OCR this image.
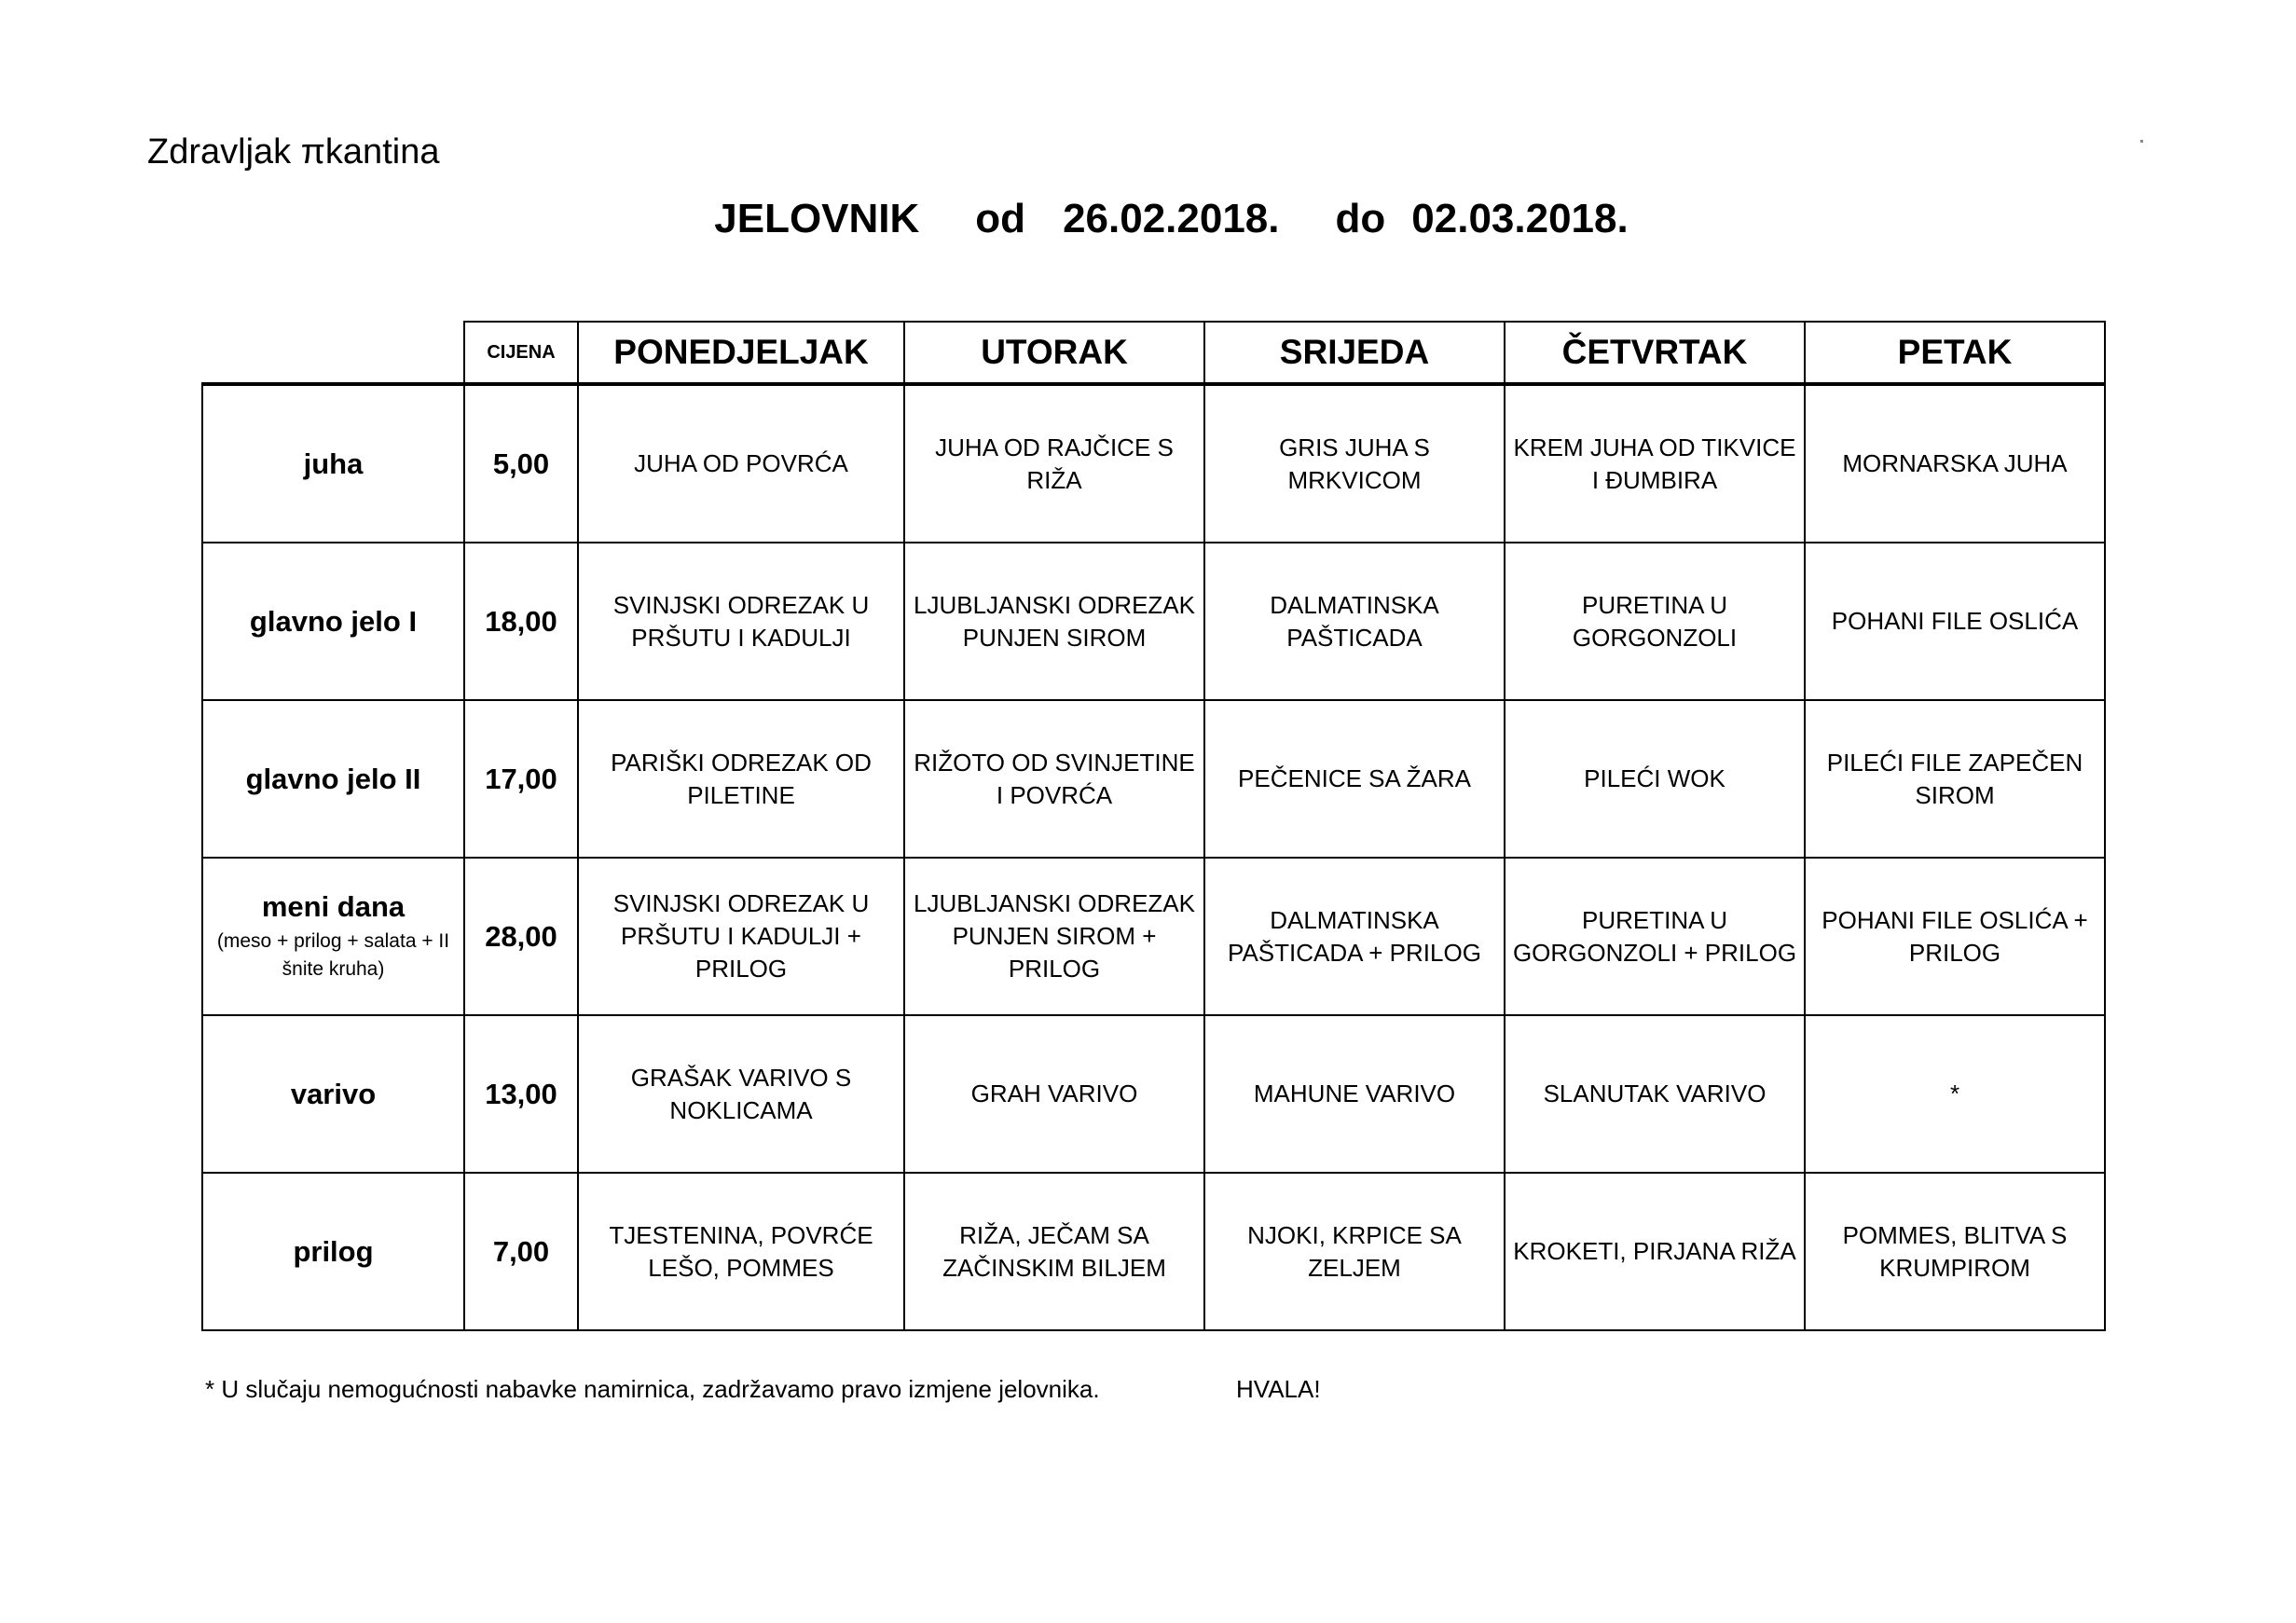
Zdravljak πkantina
JELOVNIK od 26.02.2018. do 02.03.2018.
	CIJENA	PONEDJELJAK	UTORAK	SRIJEDA	ČETVRTAK	PETAK
juha	5,00	JUHA OD POVRĆA	JUHA OD RAJČICE S RIŽA	GRIS JUHA S MRKVICOM	KREM JUHA OD TIKVICE I ĐUMBIRA	MORNARSKA JUHA
glavno jelo I	18,00	SVINJSKI ODREZAK U PRŠUTU I KADULJI	LJUBLJANSKI ODREZAK PUNJEN SIROM	DALMATINSKA PAŠTICADA	PURETINA U GORGONZOLI	POHANI FILE OSLIĆA
glavno jelo II	17,00	PARIŠKI ODREZAK OD PILETINE	RIŽOTO OD SVINJETINE I POVRĆA	PEČENICE SA ŽARA	PILEĆI WOK	PILEĆI FILE ZAPEČEN SIROM
meni dana
(meso + prilog + salata + II šnite kruha)	28,00	SVINJSKI ODREZAK U PRŠUTU I KADULJI + PRILOG	LJUBLJANSKI ODREZAK PUNJEN SIROM + PRILOG	DALMATINSKA PAŠTICADA + PRILOG	PURETINA U GORGONZOLI + PRILOG	POHANI FILE OSLIĆA + PRILOG
varivo	13,00	GRAŠAK VARIVO S NOKLICAMA	GRAH VARIVO	MAHUNE VARIVO	SLANUTAK VARIVO	*
prilog	7,00	TJESTENINA, POVRĆE LEŠO, POMMES	RIŽA, JEČAM SA ZAČINSKIM BILJEM	NJOKI, KRPICE SA ZELJEM	KROKETI, PIRJANA RIŽA	POMMES, BLITVA S KRUMPIROM
* U slučaju nemogućnosti nabavke namirnica, zadržavamo pravo izmjene jelovnika.	HVALA!
